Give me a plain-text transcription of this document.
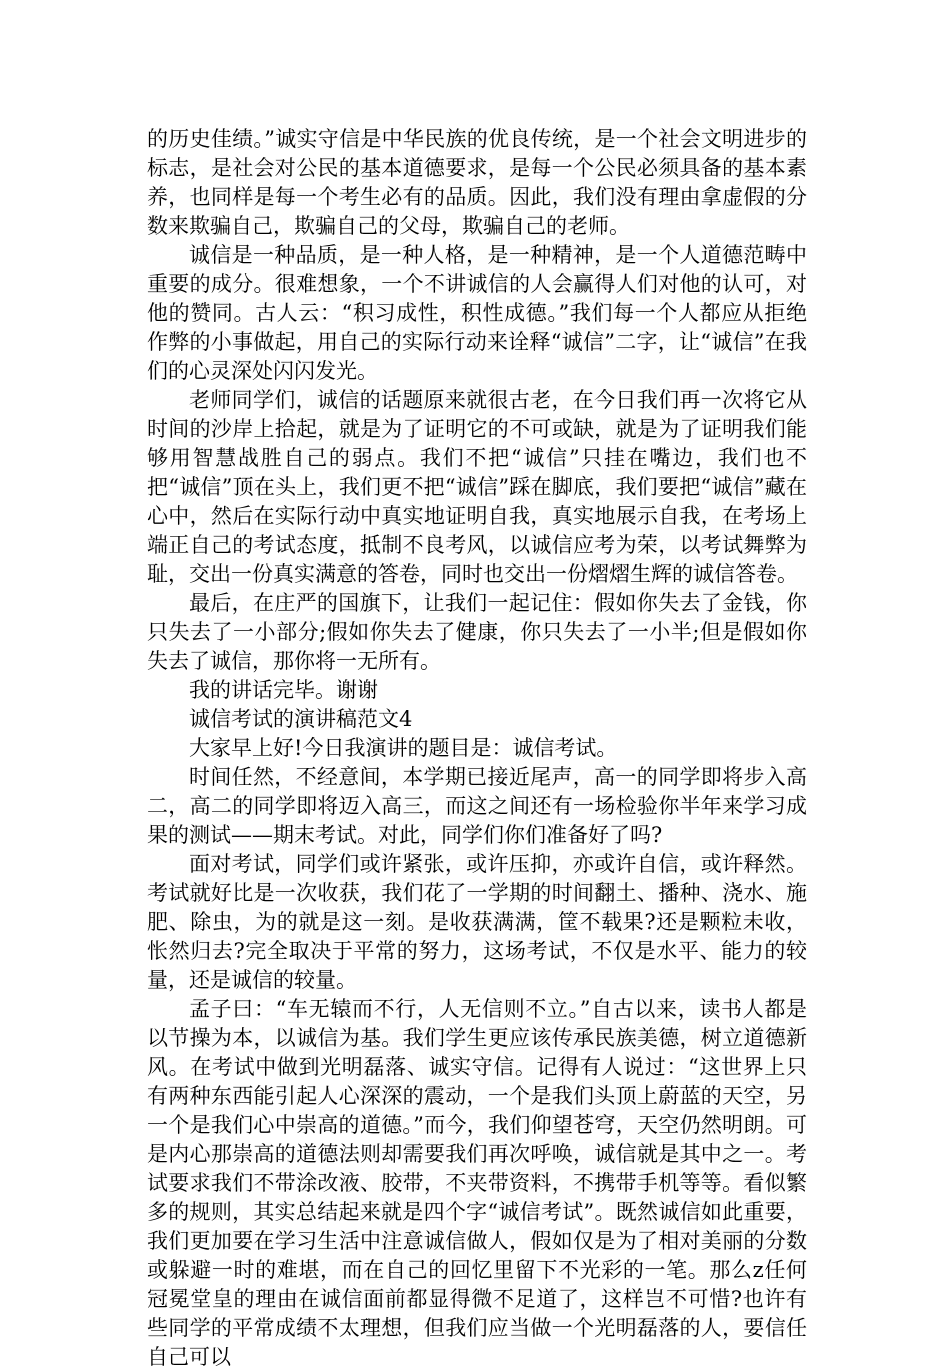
的历史佳绩。”诚实守信是中华民族的优良传统，是一个社会文明进步的标志，是社会对公民的基本道德要求，是每一个公民必须具备的基本素养，也同样是每一个考生必有的品质。因此，我们没有理由拿虚假的分数来欺骗自己，欺骗自己的父母，欺骗自己的老师。

诚信是一种品质，是一种人格，是一种精神，是一个人道德范畴中重要的成分。很难想象，一个不讲诚信的人会赢得人们对他的认可，对他的赞同。古人云：“积习成性，积性成德。”我们每一个人都应从拒绝作弊的小事做起，用自己的实际行动来诠释“诚信”二字，让“诚信”在我们的心灵深处闪闪发光。

老师同学们，诚信的话题原来就很古老，在今日我们再一次将它从时间的沙岸上拾起，就是为了证明它的不可或缺，就是为了证明我们能够用智慧战胜自己的弱点。我们不把“诚信”只挂在嘴边，我们也不把“诚信”顶在头上，我们更不把“诚信”踩在脚底，我们要把“诚信”藏在心中，然后在实际行动中真实地证明自我，真实地展示自我，在考场上端正自己的考试态度，抵制不良考风，以诚信应考为荣，以考试舞弊为耻，交出一份真实满意的答卷，同时也交出一份熠熠生辉的诚信答卷。

最后，在庄严的国旗下，让我们一起记住：假如你失去了金钱，你只失去了一小部分;假如你失去了健康，你只失去了一小半;但是假如你失去了诚信，那你将一无所有。

我的讲话完毕。谢谢

诚信考试的演讲稿范文4

大家早上好!今日我演讲的题目是：诚信考试。

时间任然，不经意间，本学期已接近尾声，高一的同学即将步入高二，高二的同学即将迈入高三，而这之间还有一场检验你半年来学习成果的测试——期末考试。对此，同学们你们准备好了吗?

面对考试，同学们或许紧张，或许压抑，亦或许自信，或许释然。考试就好比是一次收获，我们花了一学期的时间翻土、播种、浇水、施肥、除虫，为的就是这一刻。是收获满满，筐不载果?还是颗粒未收，怅然归去?完全取决于平常的努力，这场考试，不仅是水平、能力的较量，还是诚信的较量。

孟子曰：“车无辕而不行，人无信则不立。”自古以来，读书人都是以节操为本，以诚信为基。我们学生更应该传承民族美德，树立道德新风。在考试中做到光明磊落、诚实守信。记得有人说过：“这世界上只有两种东西能引起人心深深的震动，一个是我们头顶上蔚蓝的天空，另一个是我们心中崇高的道德。”而今，我们仰望苍穹，天空仍然明朗。可是内心那崇高的道德法则却需要我们再次呼唤，诚信就是其中之一。考试要求我们不带涂改液、胶带，不夹带资料，不携带手机等等。看似繁多的规则，其实总结起来就是四个字“诚信考试”。既然诚信如此重要，我们更加要在学习生活中注意诚信做人，假如仅是为了相对美丽的分数或躲避一时的难堪，而在自己的回忆里留下不光彩的一笔。那么z任何冠冕堂皇的理由在诚信面前都显得微不足道了，这样岂不可惜?也许有些同学的平常成绩不太理想，但我们应当做一个光明磊落的人，要信任自己可以
